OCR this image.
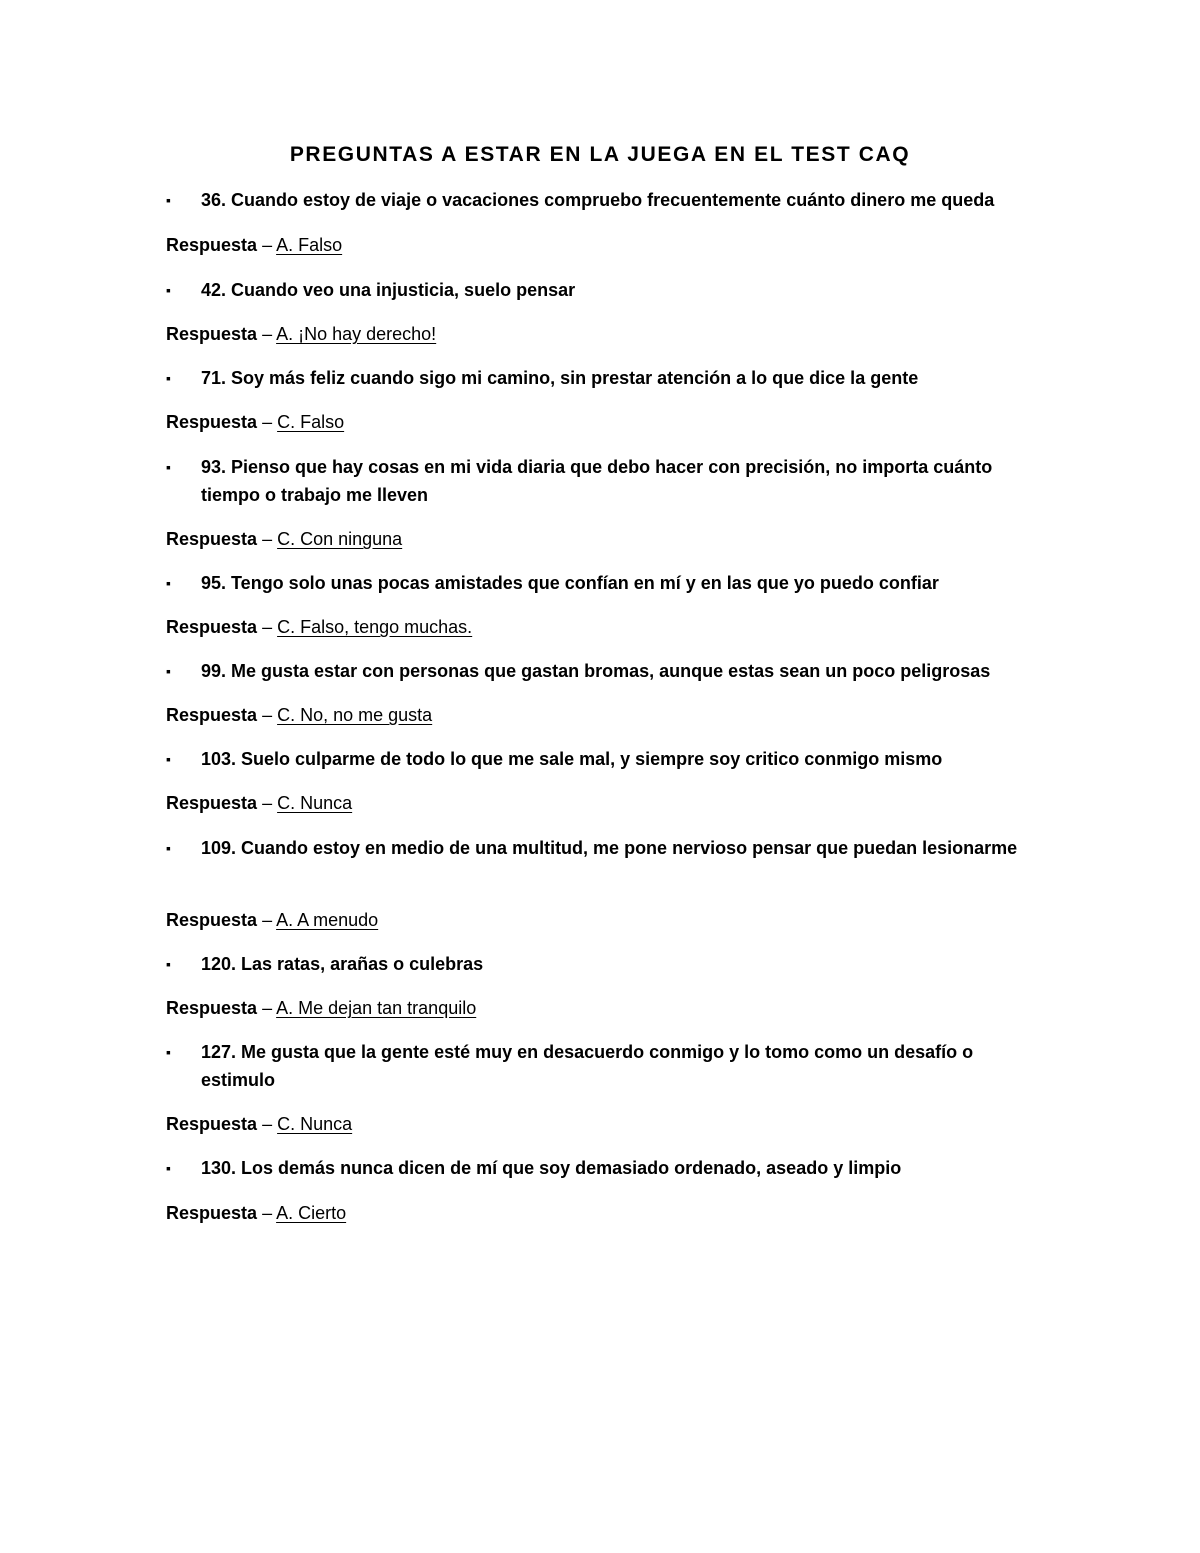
PREGUNTAS A ESTAR EN LA JUEGA EN EL TEST CAQ
▪ 36. Cuando estoy de viaje o vacaciones compruebo frecuentemente cuánto dinero me queda
Respuesta – A. Falso
▪ 42. Cuando veo una injusticia, suelo pensar
Respuesta – A. ¡No hay derecho!
▪ 71. Soy más feliz cuando sigo mi camino, sin prestar atención a lo que dice la gente
Respuesta – C. Falso
▪ 93. Pienso que hay cosas en mi vida diaria que debo hacer con precisión, no importa cuánto tiempo o trabajo me lleven
Respuesta – C. Con ninguna
▪ 95. Tengo solo unas pocas amistades que confían en mí y en las que yo puedo confiar
Respuesta – C. Falso, tengo muchas.
▪ 99. Me gusta estar con personas que gastan bromas, aunque estas sean un poco peligrosas
Respuesta – C. No, no me gusta
▪ 103. Suelo culparme de todo lo que me sale mal, y siempre soy critico conmigo mismo
Respuesta – C. Nunca
▪ 109. Cuando estoy en medio de una multitud, me pone nervioso pensar que puedan lesionarme
Respuesta – A. A menudo
▪ 120. Las ratas, arañas o culebras
Respuesta – A. Me dejan tan tranquilo
▪ 127. Me gusta que la gente esté muy en desacuerdo conmigo y lo tomo como un desafío o estimulo
Respuesta – C. Nunca
▪ 130. Los demás nunca dicen de mí que soy demasiado ordenado, aseado y limpio
Respuesta – A. Cierto
